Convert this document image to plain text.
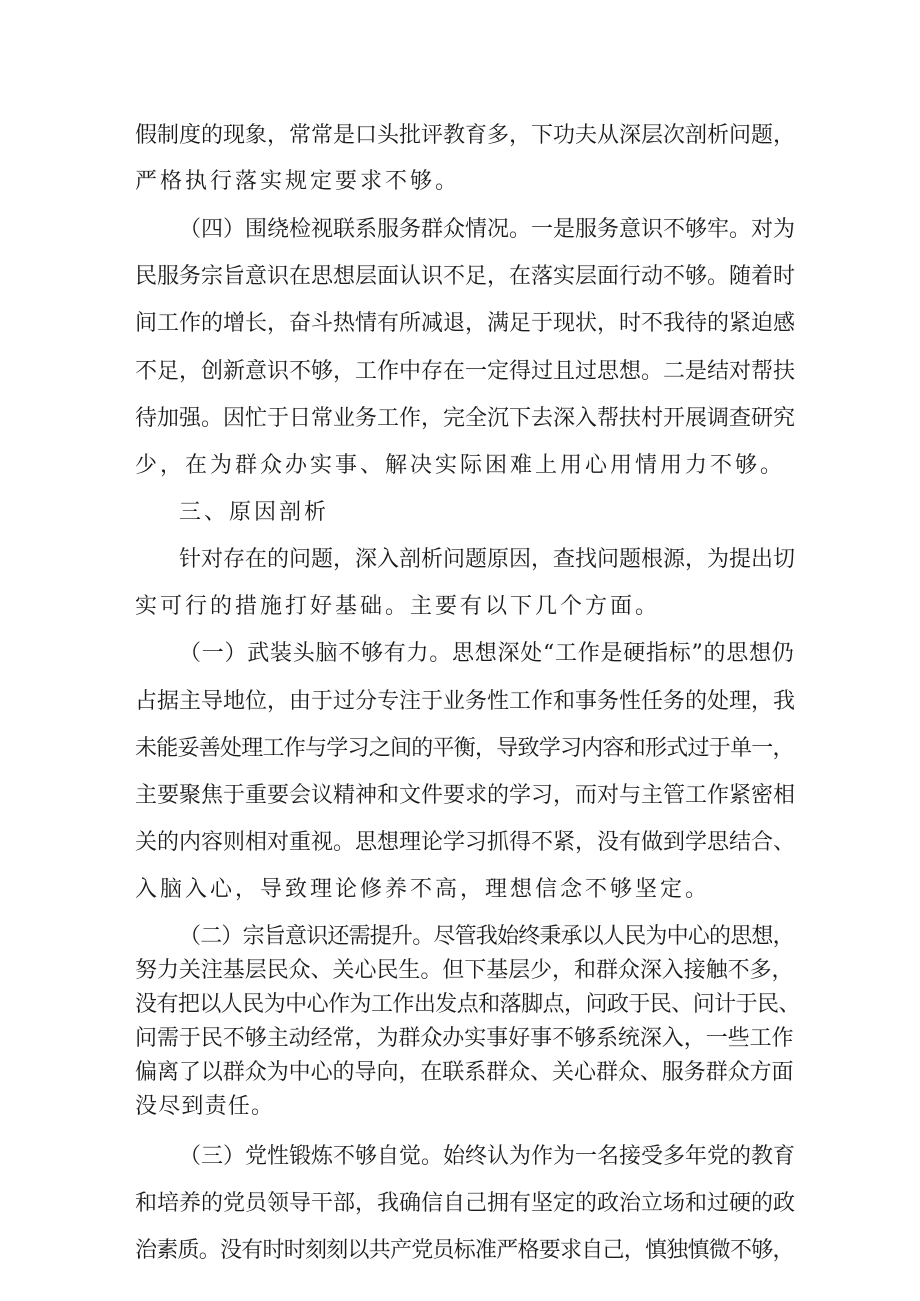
假制度的现象，常常是口头批评教育多，下功夫从深层次剖析问题，
严格执行落实规定要求不够。
（四）围绕检视联系服务群众情况。一是服务意识不够牢。对为
民服务宗旨意识在思想层面认识不足，在落实层面行动不够。随着时
间工作的增长，奋斗热情有所减退，满足于现状，时不我待的紧迫感
不足，创新意识不够，工作中存在一定得过且过思想。二是结对帮扶
待加强。因忙于日常业务工作，完全沉下去深入帮扶村开展调查研究
少，在为群众办实事、解决实际困难上用心用情用力不够。
三、原因剖析
针对存在的问题，深入剖析问题原因，查找问题根源，为提出切
实可行的措施打好基础。主要有以下几个方面。
（一）武装头脑不够有力。思想深处“工作是硬指标”的思想仍
占据主导地位，由于过分专注于业务性工作和事务性任务的处理，我
未能妥善处理工作与学习之间的平衡，导致学习内容和形式过于单一，
主要聚焦于重要会议精神和文件要求的学习，而对与主管工作紧密相
关的内容则相对重视。思想理论学习抓得不紧，没有做到学思结合、
入脑入心，导致理论修养不高，理想信念不够坚定。
（二）宗旨意识还需提升。尽管我始终秉承以人民为中心的思想，
努力关注基层民众、关心民生。但下基层少，和群众深入接触不多，
没有把以人民为中心作为工作出发点和落脚点，问政于民、问计于民、
问需于民不够主动经常，为群众办实事好事不够系统深入，一些工作
偏离了以群众为中心的导向，在联系群众、关心群众、服务群众方面
没尽到责任。
（三）党性锻炼不够自觉。始终认为作为一名接受多年党的教育
和培养的党员领导干部，我确信自己拥有坚定的政治立场和过硬的政
治素质。没有时时刻刻以共产党员标准严格要求自己，慎独慎微不够，
